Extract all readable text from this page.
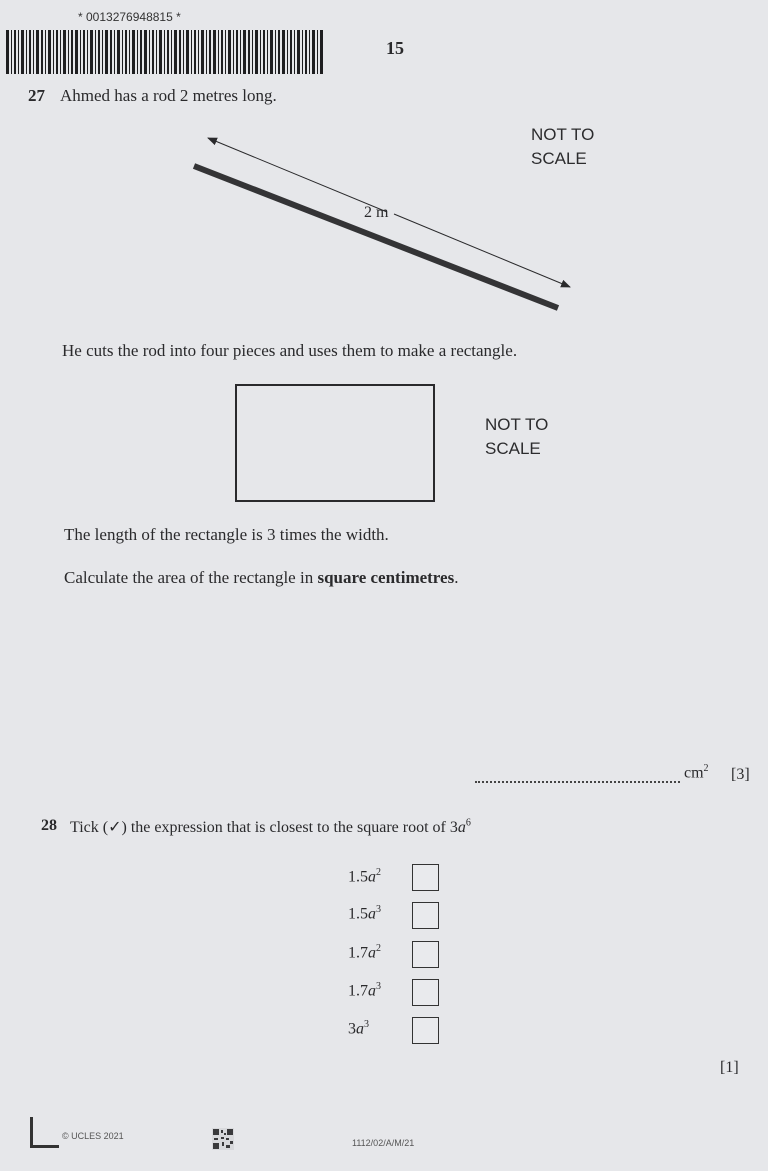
* 0013276948815 *
15
27 Ahmed has a rod 2 metres long.
2 m
NOT TO
SCALE
He cuts the rod into four pieces and uses them to make a rectangle.
NOT TO
SCALE
The length of the rectangle is 3 times the width.
Calculate the area of the rectangle in square centimetres.
$cm^2$ [3]
28 Tick (✓) the expression that is closest to the square root of $3a^6$
$1.5a^2$
$1.5a^3$
$1.7a^2$
$1.7a^3$
$3a^3$
[1]
© UCLES 2021
1112/02/A/M/21
